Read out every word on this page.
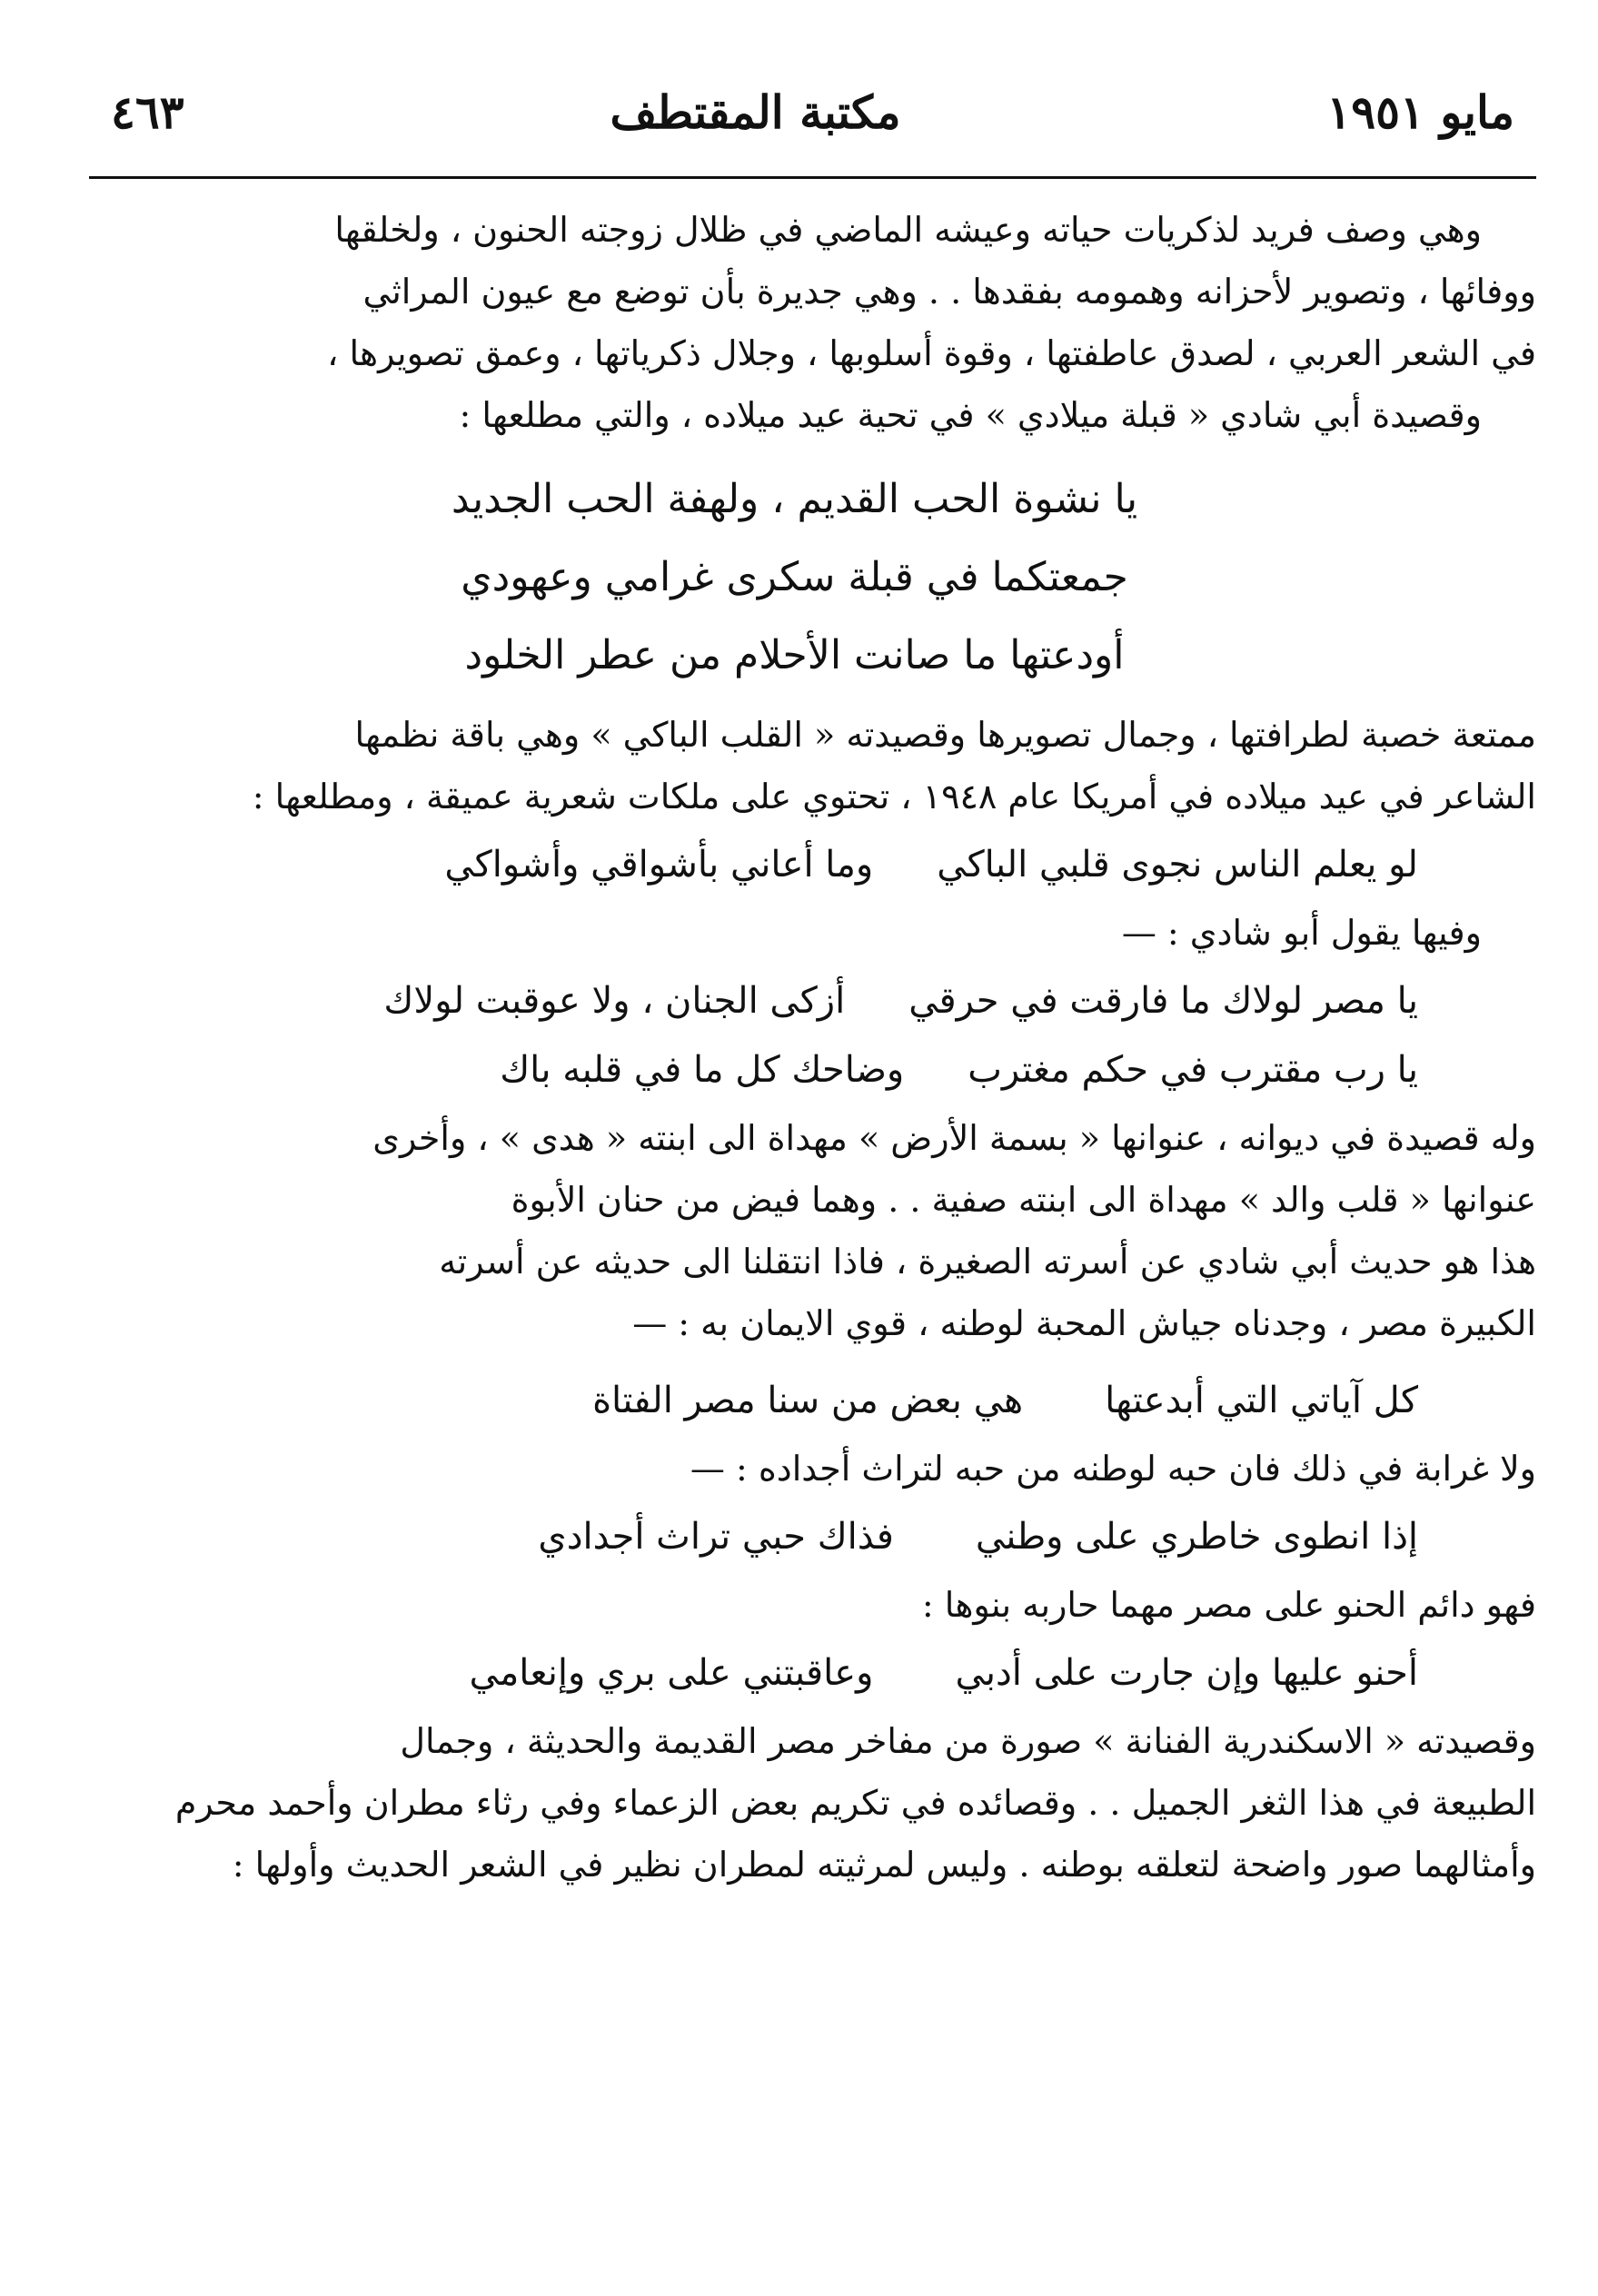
مايو ١٩٥١
مكتبة المقتطف
٤٦٣

وهي وصف فريد لذكريات حياته وعيشه الماضي في ظلال زوجته الحنون ، ولخلقها
ووفائها ، وتصوير لأحزانه وهمومه بفقدها . . وهي جديرة بأن توضع مع عيون المراثي
في الشعر العربي ، لصدق عاطفتها ، وقوة أسلوبها ، وجلال ذكرياتها ، وعمق تصويرها ،

وقصيدة أبي شادي « قبلة ميلادي » في تحية عيد ميلاده ، والتي مطلعها :

يا نشوة الحب القديم ، ولهفة الحب الجديد
جمعتكما في قبلة سكرى غرامي وعهودي
أودعتها ما صانت الأحلام من عطر الخلود

ممتعة خصبة لطرافتها ، وجمال تصويرها وقصيدته « القلب الباكي » وهي باقة نظمها
الشاعر في عيد ميلاده في أمريكا عام ١٩٤٨ ، تحتوي على ملكات شعرية عميقة ، ومطلعها :

لو يعلم الناس نجوى قلبي الباكي
وما أعاني بأشواقي وأشواكي

وفيها يقول أبو شادي : —

يا مصر لولاك ما فارقت في حرقي
أزكى الجنان ، ولا عوقبت لولاك
يا رب مقترب في حكم مغترب
وضاحك كل ما في قلبه باك

وله قصيدة في ديوانه ، عنوانها « بسمة الأرض » مهداة الى ابنته « هدى » ، وأخرى
عنوانها « قلب والد » مهداة الى ابنته صفية . . وهما فيض من حنان الأبوة

هذا هو حديث أبي شادي عن أسرته الصغيرة ، فاذا انتقلنا الى حديثه عن أسرته
الكبيرة مصر ، وجدناه جياش المحبة لوطنه ، قوي الايمان به : —

كل آياتي التي أبدعتها
هي بعض من سنا مصر الفتاة

ولا غرابة في ذلك فان حبه لوطنه من حبه لتراث أجداده : —

إذا انطوى خاطري على وطني
فذاك حبي تراث أجدادي

فهو دائم الحنو على مصر مهما حاربه بنوها :

أحنو عليها وإن جارت على أدبي
وعاقبتني على بري وإنعامي

وقصيدته « الاسكندرية الفنانة » صورة من مفاخر مصر القديمة والحديثة ، وجمال
الطبيعة في هذا الثغر الجميل . . وقصائده في تكريم بعض الزعماء وفي رثاء مطران وأحمد محرم
وأمثالهما صور واضحة لتعلقه بوطنه . وليس لمرثيته لمطران نظير في الشعر الحديث وأولها :
